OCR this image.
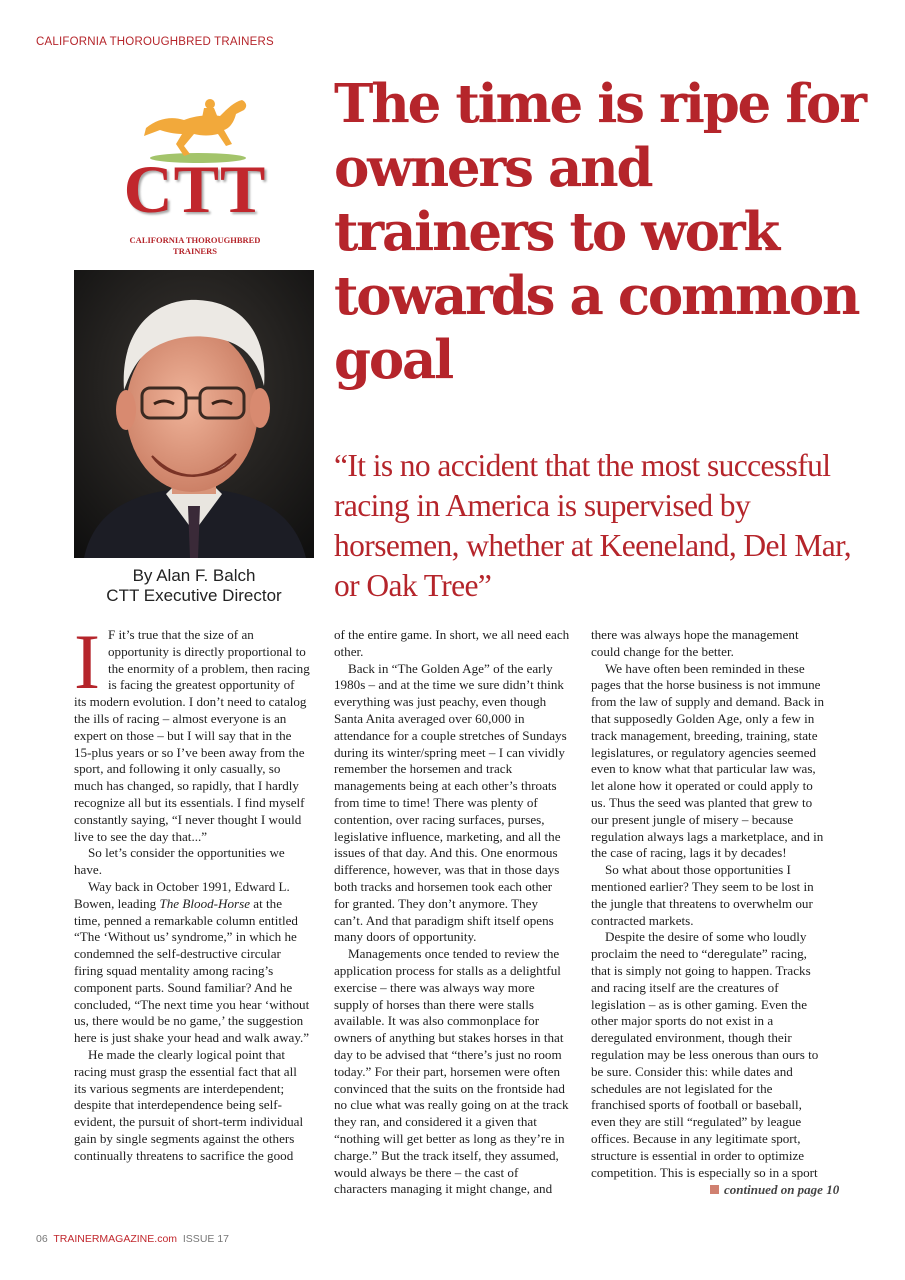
CALIFORNIA THOROUGHBRED TRAINERS
CTT
CALIFORNIA THOROUGHBRED
TRAINERS
By Alan F. Balch
CTT Executive Director
The time is ripe for owners and trainers to work towards a common goal

“It is no accident that the most successful racing in America is supervised by horsemen, whether at Keeneland, Del Mar, or Oak Tree”

I F it’s true that the size of an opportunity is directly proportional to the enormity of a problem, then racing is facing the greatest opportunity of its modern evolution. I don’t need to catalog the ills of racing – almost everyone is an expert on those – but I will say that in the 15-plus years or so I’ve been away from the sport, and following it only casually, so much has changed, so rapidly, that I hardly recognize all but its essentials. I find myself constantly saying, “I never thought I would live to see the day that...”

So let’s consider the opportunities we have.

Way back in October 1991, Edward L. Bowen, leading The Blood-Horse at the time, penned a remarkable column entitled “The ‘Without us’ syndrome,” in which he condemned the self-destructive circular firing squad mentality among racing’s component parts. Sound familiar? And he concluded, “The next time you hear ‘without us, there would be no game,’ the suggestion here is just shake your head and walk away.”

He made the clearly logical point that racing must grasp the essential fact that all its various segments are interdependent; despite that interdependence being self-evident, the pursuit of short-term individual gain by single segments against the others continually threatens to sacrifice the good

of the entire game. In short, we all need each other.

Back in “The Golden Age” of the early 1980s – and at the time we sure didn’t think everything was just peachy, even though Santa Anita averaged over 60,000 in attendance for a couple stretches of Sundays during its winter/spring meet – I can vividly remember the horsemen and track managements being at each other’s throats from time to time! There was plenty of contention, over racing surfaces, purses, legislative influence, marketing, and all the issues of that day. And this. One enormous difference, however, was that in those days both tracks and horsemen took each other for granted. They don’t anymore. They can’t. And that paradigm shift itself opens many doors of opportunity.

Managements once tended to review the application process for stalls as a delightful exercise – there was always way more supply of horses than there were stalls available. It was also commonplace for owners of anything but stakes horses in that day to be advised that “there’s just no room today.” For their part, horsemen were often convinced that the suits on the frontside had no clue what was really going on at the track they ran, and considered it a given that “nothing will get better as long as they’re in charge.” But the track itself, they assumed, would always be there – the cast of characters managing it might change, and

there was always hope the management could change for the better.

We have often been reminded in these pages that the horse business is not immune from the law of supply and demand. Back in that supposedly Golden Age, only a few in track management, breeding, training, state legislatures, or regulatory agencies seemed even to know what that particular law was, let alone how it operated or could apply to us. Thus the seed was planted that grew to our present jungle of misery – because regulation always lags a marketplace, and in the case of racing, lags it by decades!

So what about those opportunities I mentioned earlier? They seem to be lost in the jungle that threatens to overwhelm our contracted markets.

Despite the desire of some who loudly proclaim the need to “deregulate” racing, that is simply not going to happen. Tracks and racing itself are the creatures of legislation – as is other gaming. Even the other major sports do not exist in a deregulated environment, though their regulation may be less onerous than ours to be sure. Consider this: while dates and schedules are not legislated for the franchised sports of football or baseball, even they are still “regulated” by league offices. Because in any legitimate sport, structure is essential in order to optimize competition. This is especially so in a sport

continued on page 10
06 TRAINERMAGAZINE.com ISSUE 17
